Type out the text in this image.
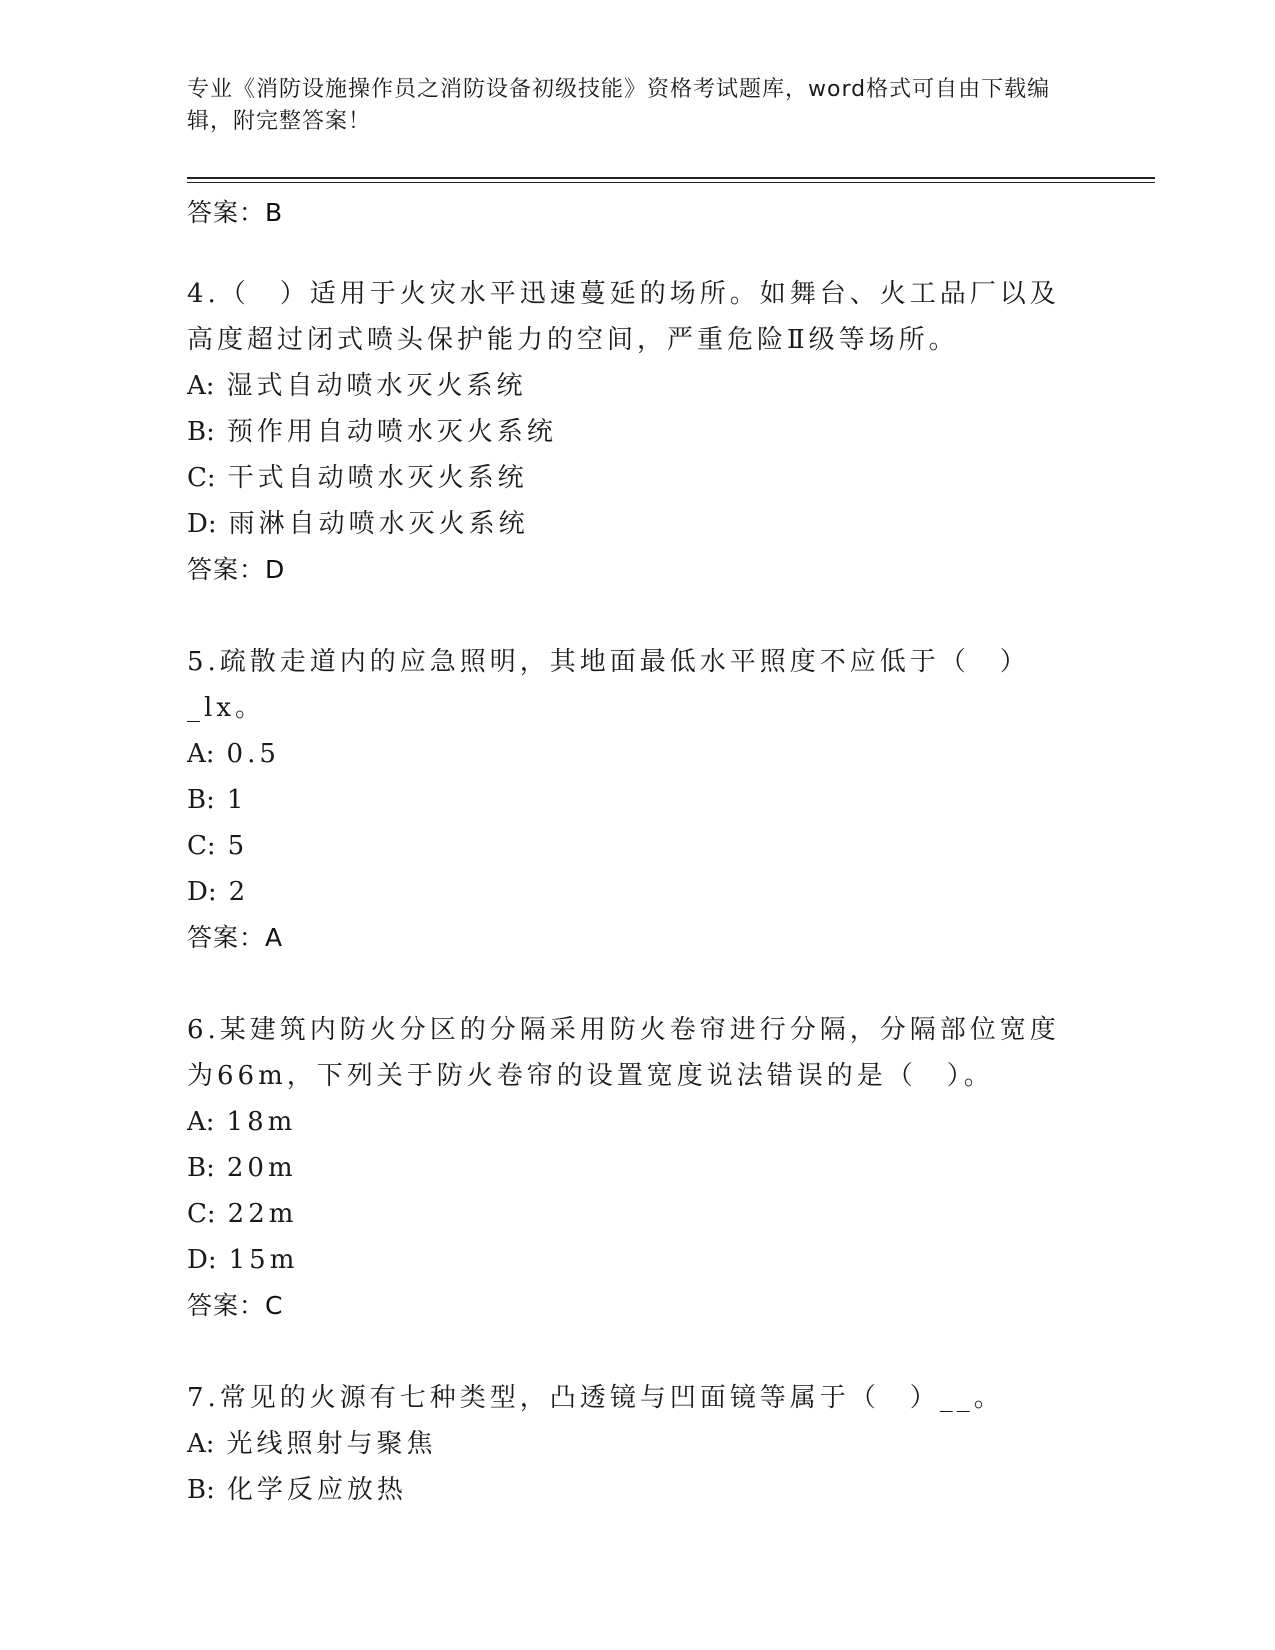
专业《消防设施操作员之消防设备初级技能》资格考试题库，word格式可自由下载编辑，附完整答案！
答案：B
4.（　）适用于火灾水平迅速蔓延的场所。如舞台、火工品厂以及高度超过闭式喷头保护能力的空间，严重危险Ⅱ级等场所。
A: 湿式自动喷水灭火系统
B: 预作用自动喷水灭火系统
C: 干式自动喷水灭火系统
D: 雨淋自动喷水灭火系统
答案：D
5.疏散走道内的应急照明，其地面最低水平照度不应低于（　）_lx。
A: 0.5
B: 1
C: 5
D: 2
答案：A
6.某建筑内防火分区的分隔采用防火卷帘进行分隔，分隔部位宽度为66m，下列关于防火卷帘的设置宽度说法错误的是（　）。
A: 18m
B: 20m
C: 22m
D: 15m
答案：C
7.常见的火源有七种类型，凸透镜与凹面镜等属于（　）__。
A: 光线照射与聚焦
B: 化学反应放热
